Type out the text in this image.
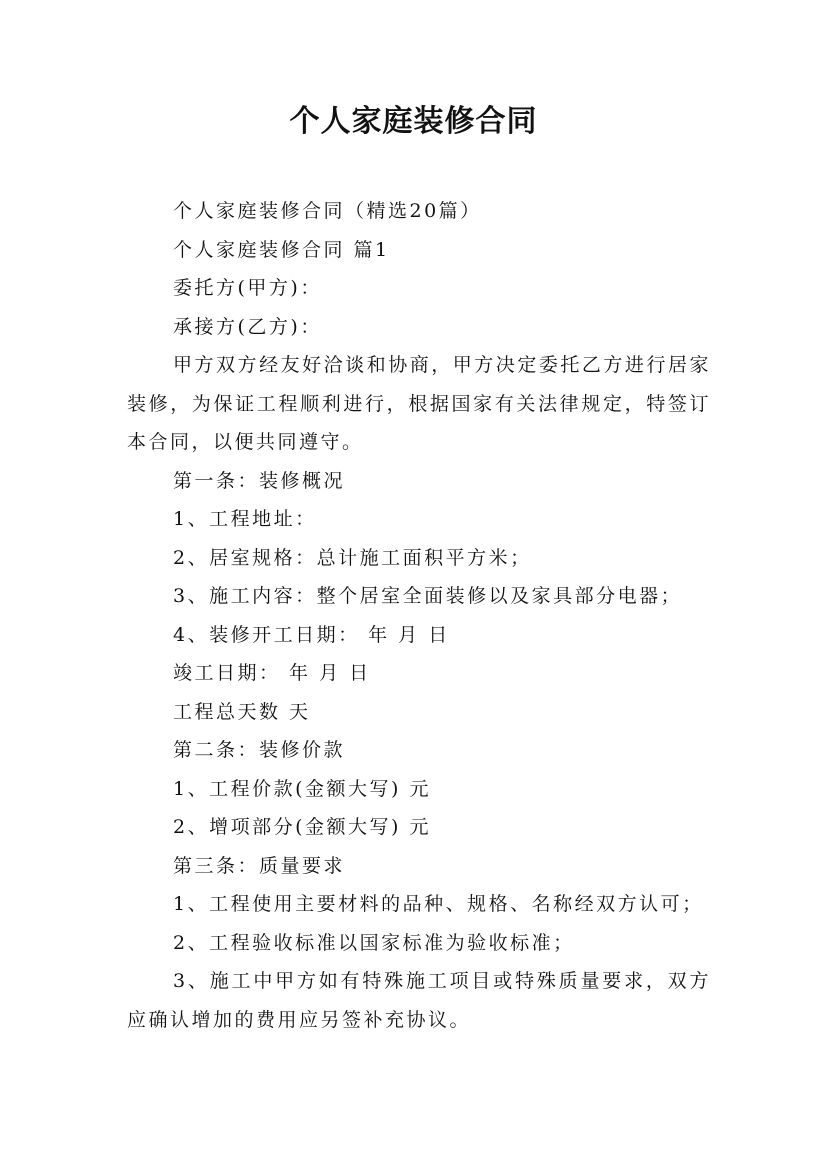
个人家庭装修合同

个人家庭装修合同（精选20篇）

个人家庭装修合同 篇1

委托方(甲方)：

承接方(乙方)：

甲方双方经友好洽谈和协商，甲方决定委托乙方进行居家装修，为保证工程顺利进行，根据国家有关法律规定，特签订本合同，以便共同遵守。

第一条：装修概况

1、工程地址：

2、居室规格：总计施工面积平方米；

3、施工内容：整个居室全面装修以及家具部分电器；

4、装修开工日期： 年 月 日

竣工日期： 年 月 日

工程总天数 天

第二条：装修价款

1、工程价款(金额大写) 元

2、增项部分(金额大写) 元

第三条：质量要求

1、工程使用主要材料的品种、规格、名称经双方认可；

2、工程验收标准以国家标准为验收标准；

3、施工中甲方如有特殊施工项目或特殊质量要求，双方应确认增加的费用应另签补充协议。
